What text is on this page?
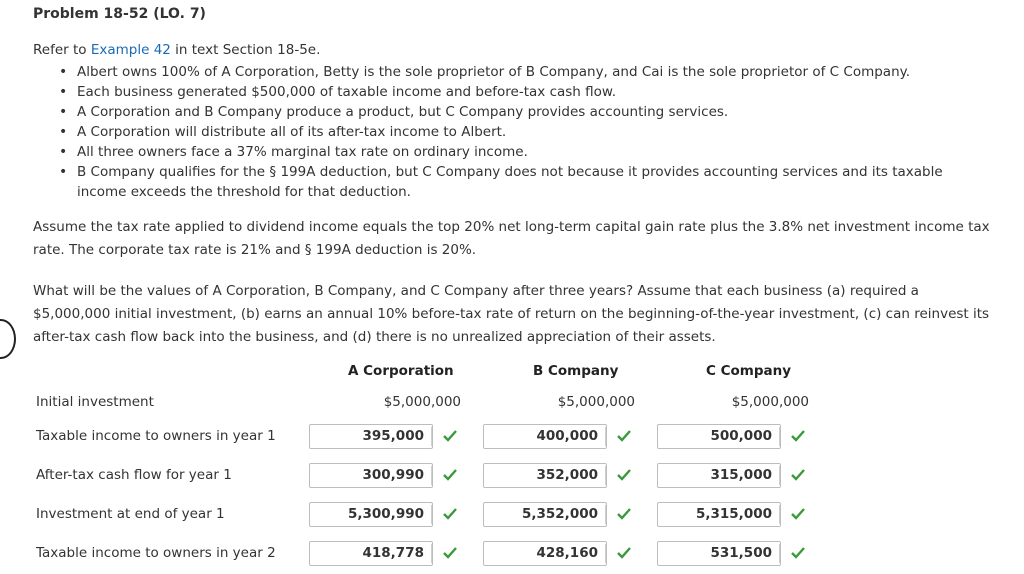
Problem 18-52 (LO. 7)
Refer to Example 42 in text Section 18-5e.
• Albert owns 100% of A Corporation, Betty is the sole proprietor of B Company, and Cai is the sole proprietor of C Company.
• Each business generated $500,000 of taxable income and before-tax cash flow.
• A Corporation and B Company produce a product, but C Company provides accounting services.
• A Corporation will distribute all of its after-tax income to Albert.
• All three owners face a 37% marginal tax rate on ordinary income.
• B Company qualifies for the § 199A deduction, but C Company does not because it provides accounting services and its taxable income exceeds the threshold for that deduction.
Assume the tax rate applied to dividend income equals the top 20% net long-term capital gain rate plus the 3.8% net investment income tax rate. The corporate tax rate is 21% and § 199A deduction is 20%.
What will be the values of A Corporation, B Company, and C Company after three years? Assume that each business (a) required a $5,000,000 initial investment, (b) earns an annual 10% before-tax rate of return on the beginning-of-the-year investment, (c) can reinvest its after-tax cash flow back into the business, and (d) there is no unrealized appreciation of their assets.
A Corporation	B Company	C Company
Initial investment	$5,000,000	$5,000,000	$5,000,000
Taxable income to owners in year 1	395,000	400,000	500,000
After-tax cash flow for year 1	300,990	352,000	315,000
Investment at end of year 1	5,300,990	5,352,000	5,315,000
Taxable income to owners in year 2	418,778	428,160	531,500
